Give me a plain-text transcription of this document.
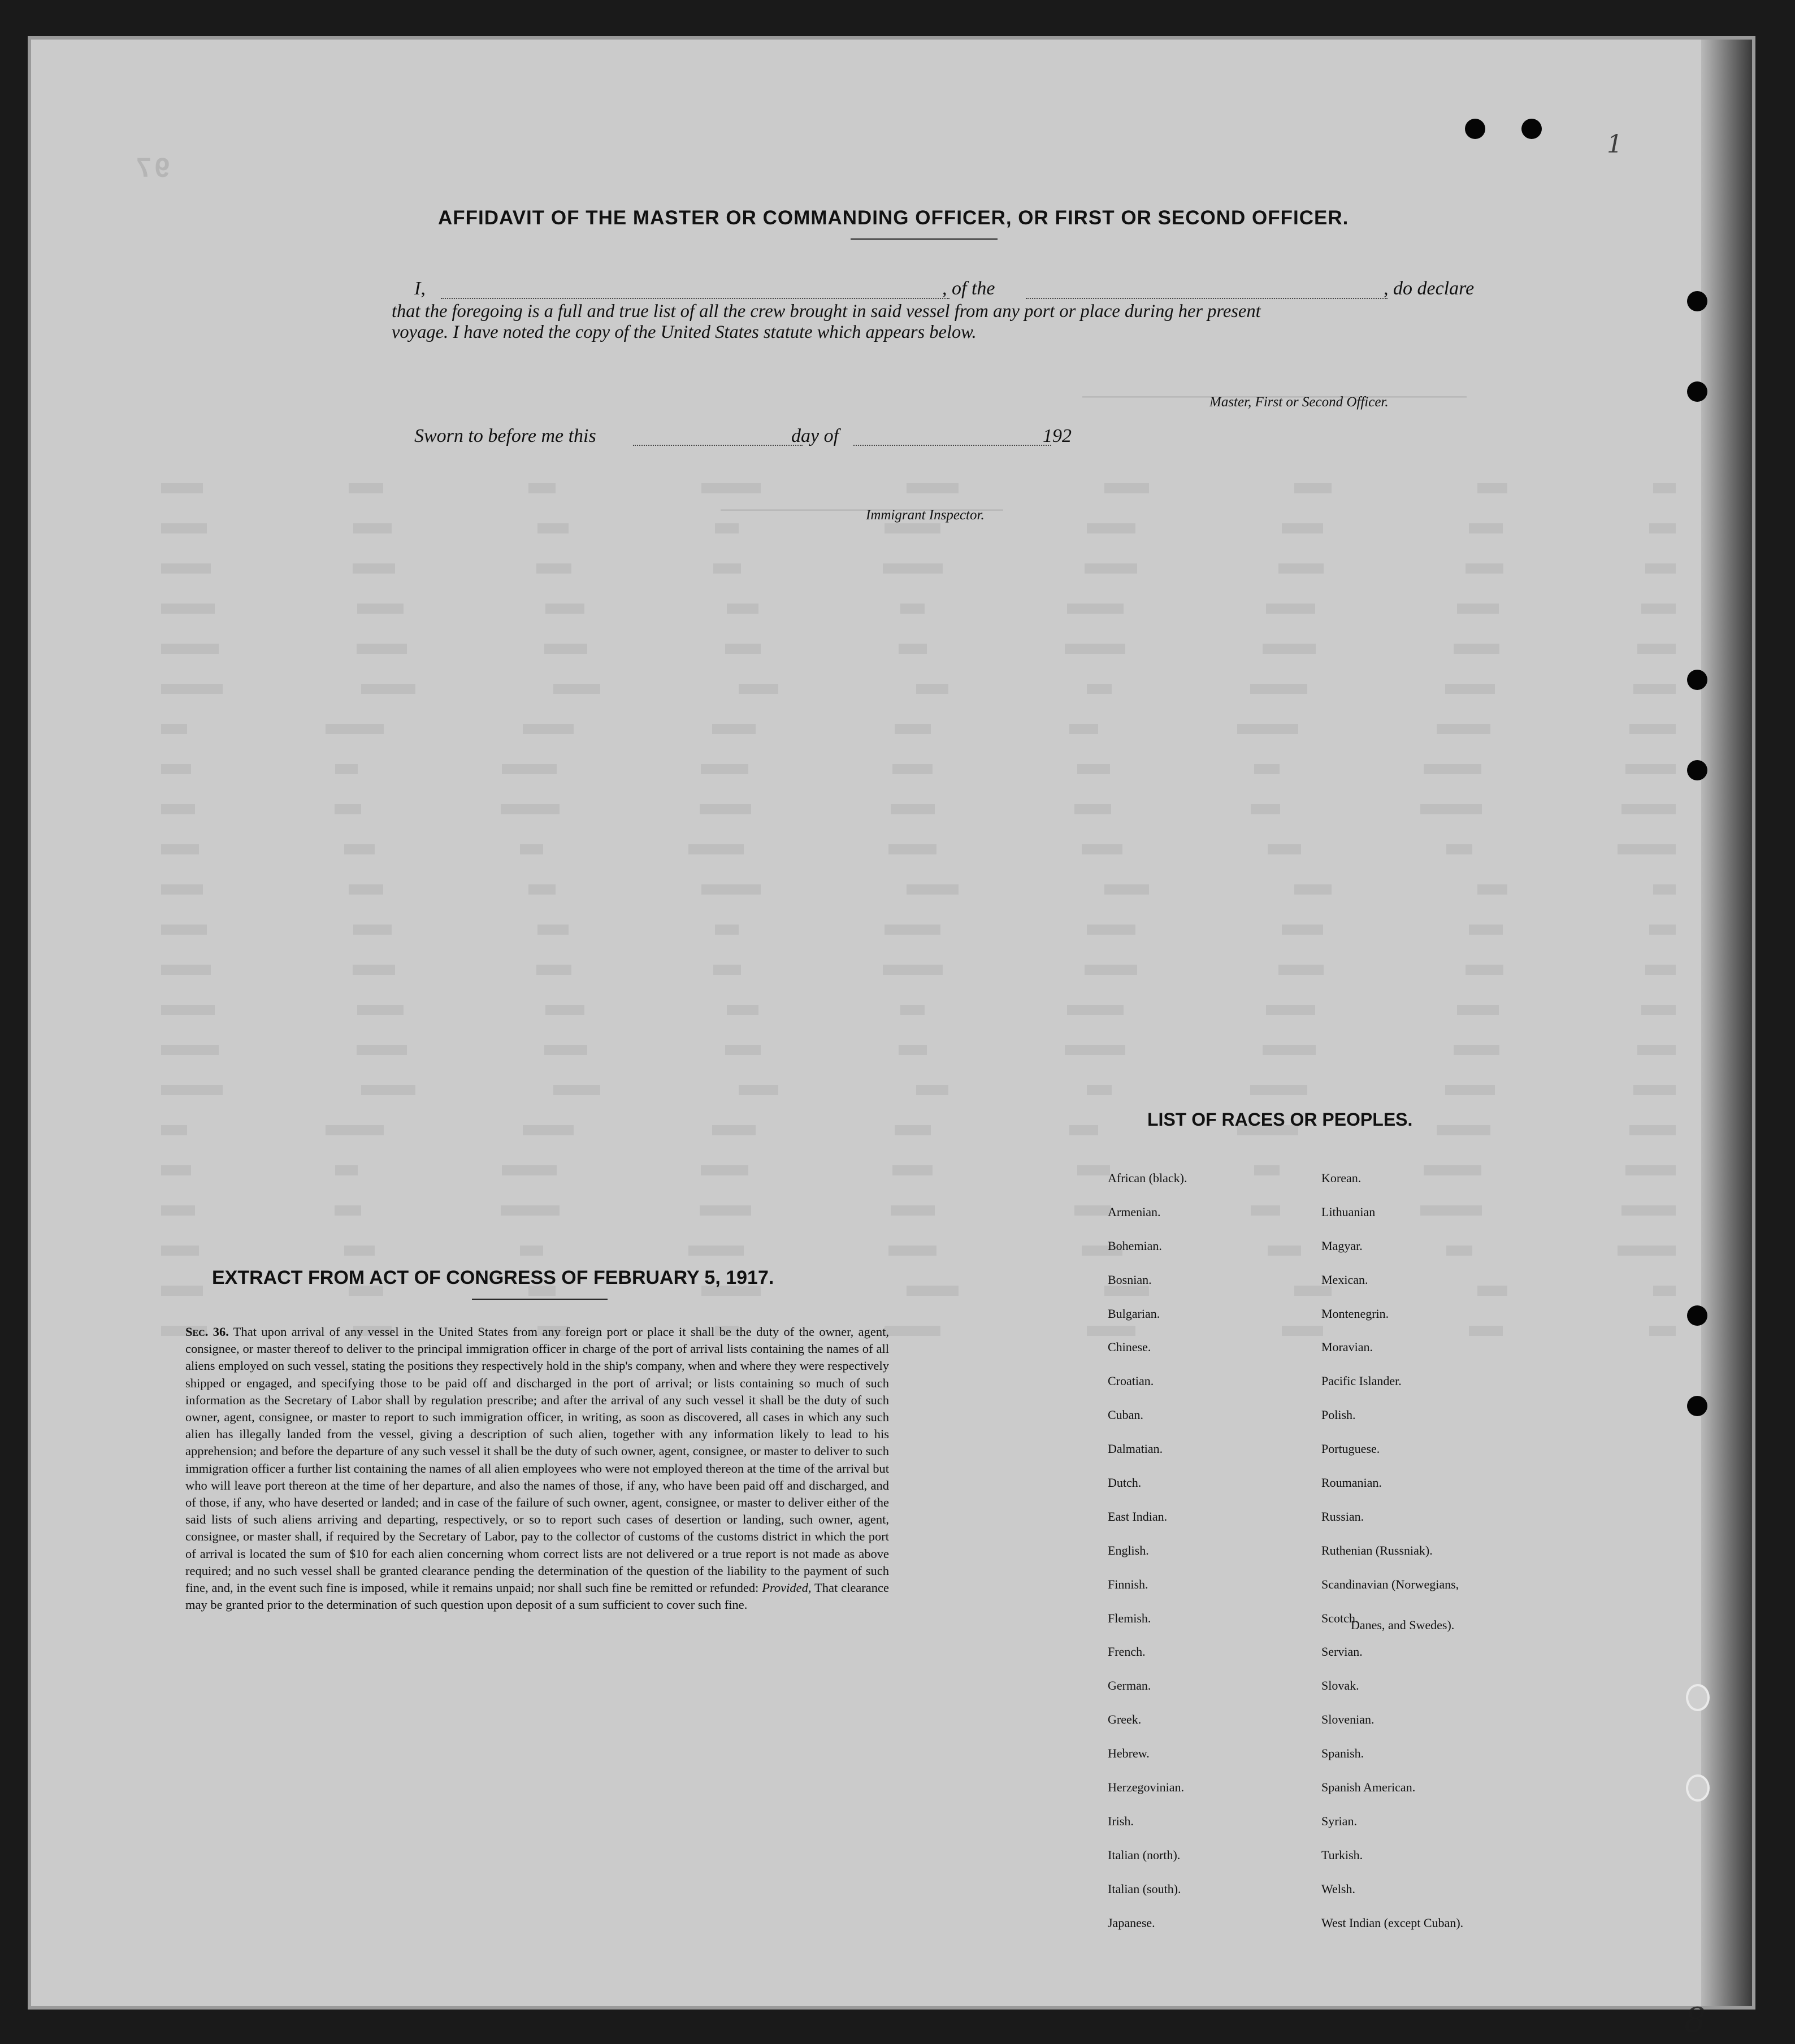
97
1
8
AFFIDAVIT OF THE MASTER OR COMMANDING OFFICER, OR FIRST OR SECOND OFFICER.
I,	, of the	, do declare
that the foregoing is a full and true list of all the crew brought in said vessel from any port or place during her present
voyage. I have noted the copy of the United States statute which appears below.
Master, First or Second Officer.
Sworn to before me this	day of	192
Immigrant Inspector.
EXTRACT FROM ACT OF CONGRESS OF FEBRUARY 5, 1917.
Sec. 36. That upon arrival of any vessel in the United States from any foreign port or place it shall be the duty of the owner, agent, consignee, or master thereof to deliver to the principal immigration officer in charge of the port of arrival lists containing the names of all aliens employed on such vessel, stating the positions they respectively hold in the ship's company, when and where they were respectively shipped or engaged, and specifying those to be paid off and discharged in the port of arrival; or lists containing so much of such information as the Secretary of Labor shall by regulation prescribe; and after the arrival of any such vessel it shall be the duty of such owner, agent, consignee, or master to report to such immigration officer, in writing, as soon as discovered, all cases in which any such alien has illegally landed from the vessel, giving a description of such alien, together with any information likely to lead to his apprehension; and before the departure of any such vessel it shall be the duty of such owner, agent, consignee, or master to deliver to such immigration officer a further list containing the names of all alien employees who were not employed thereon at the time of the arrival but who will leave port thereon at the time of her departure, and also the names of those, if any, who have been paid off and discharged, and of those, if any, who have deserted or landed; and in case of the failure of such owner, agent, consignee, or master to deliver either of the said lists of such aliens arriving and departing, respectively, or so to report such cases of desertion or landing, such owner, agent, consignee, or master shall, if required by the Secretary of Labor, pay to the collector of customs of the customs district in which the port of arrival is located the sum of $10 for each alien concerning whom correct lists are not delivered or a true report is not made as above required; and no such vessel shall be granted clearance pending the determination of the question of the liability to the payment of such fine, and, in the event such fine is imposed, while it remains unpaid; nor shall such fine be remitted or refunded: Provided, That clearance may be granted prior to the determination of such question upon deposit of a sum sufficient to cover such fine.
LIST OF RACES OR PEOPLES.
African (black).
Armenian.
Bohemian.
Bosnian.
Bulgarian.
Chinese.
Croatian.
Cuban.
Dalmatian.
Dutch.
East Indian.
English.
Finnish.
Flemish.
French.
German.
Greek.
Hebrew.
Herzegovinian.
Irish.
Italian (north).
Italian (south).
Japanese.
Korean.
Lithuanian
Magyar.
Mexican.
Montenegrin.
Moravian.
Pacific Islander.
Polish.
Portuguese.
Roumanian.
Russian.
Ruthenian (Russniak).
Scandinavian (Norwegians,
Scotch.
Servian.
Slovak.
Slovenian.
Spanish.
Spanish American.
Syrian.
Turkish.
Welsh.
West Indian (except Cuban).
Danes, and Swedes).
